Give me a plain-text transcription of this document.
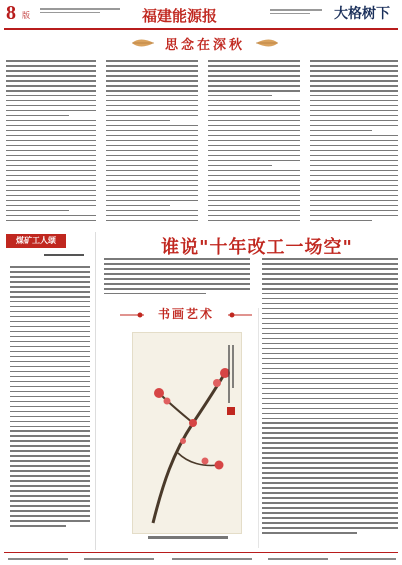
8 版	福建能源报	大格树下
思念在深秋
煤矿工人颂	谁说"十年改工一场空"
书画艺术
